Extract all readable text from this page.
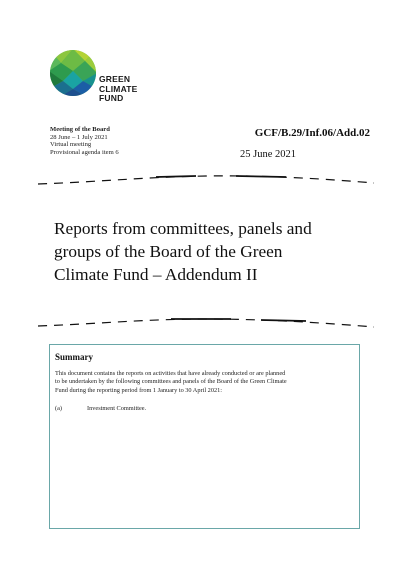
GREEN
CLIMATE
FUND
Meeting of the Board
28 June – 1 July 2021
Virtual meeting
Provisional agenda item 6
GCF/B.29/Inf.06/Add.02
25 June 2021
Reports from committees, panels and
groups of the Board of the Green
Climate Fund – Addendum II
Summary
This document contains the reports on activities that have already conducted or are planned
to be undertaken by the following committees and panels of the Board of the Green Climate
Fund during the reporting period from 1 January to 30 April 2021:
(a)	Investment Committee.
